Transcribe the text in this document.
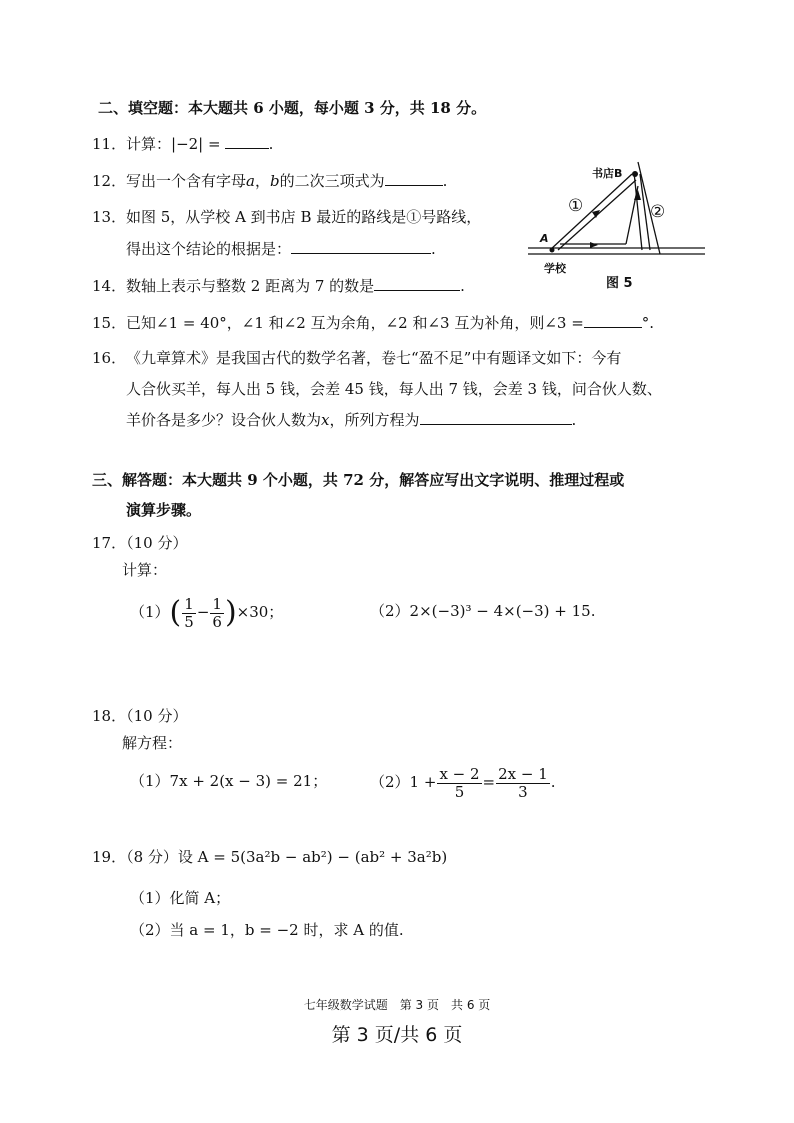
二、填空题：本大题共 6 小题，每小题 3 分，共 18 分。
11．计算：|−2| =	.
12．写出一个含有字母a，b的二次三项式为	.
13．如图 5，从学校 A 到书店 B 最近的路线是①号路线，
得出这个结论的根据是：	.
14．数轴上表示与整数 2 距离为 7 的数是	.
书店B
①	②
A
学校
图 5
15．已知∠1 = 40°，∠1 和∠2 互为余角，∠2 和∠3 互为补角，则∠3 =	°.
16．《九章算术》是我国古代的数学名著，卷七“盈不足”中有题译文如下：今有
人合伙买羊，每人出 5 钱，会差 45 钱，每人出 7 钱，会差 3 钱，问合伙人数、
羊价各是多少？设合伙人数为x，所列方程为	.
三、解答题：本大题共 9 个小题，共 72 分，解答应写出文字说明、推理过程或
演算步骤。
17．（10 分）
计算：
$(1)( \frac{1}{5} - \frac{1}{6} )\times 30$；	（2）2×(−3)³ − 4×(−3) + 15.
18．（10 分）
解方程：
（1）7x + 2(x − 3) = 21；	$(2)1 + \frac{x - 2}{5} = \frac{2x - 1}{3}$ .
19．（8 分）设 A = 5(3a²b − ab²) − (ab² + 3a²b)
（1）化简 A；
（2）当 a = 1，b = −2 时，求 A 的值.
七年级数学试题　第 3 页　共 6 页
第 3 页/共 6 页
